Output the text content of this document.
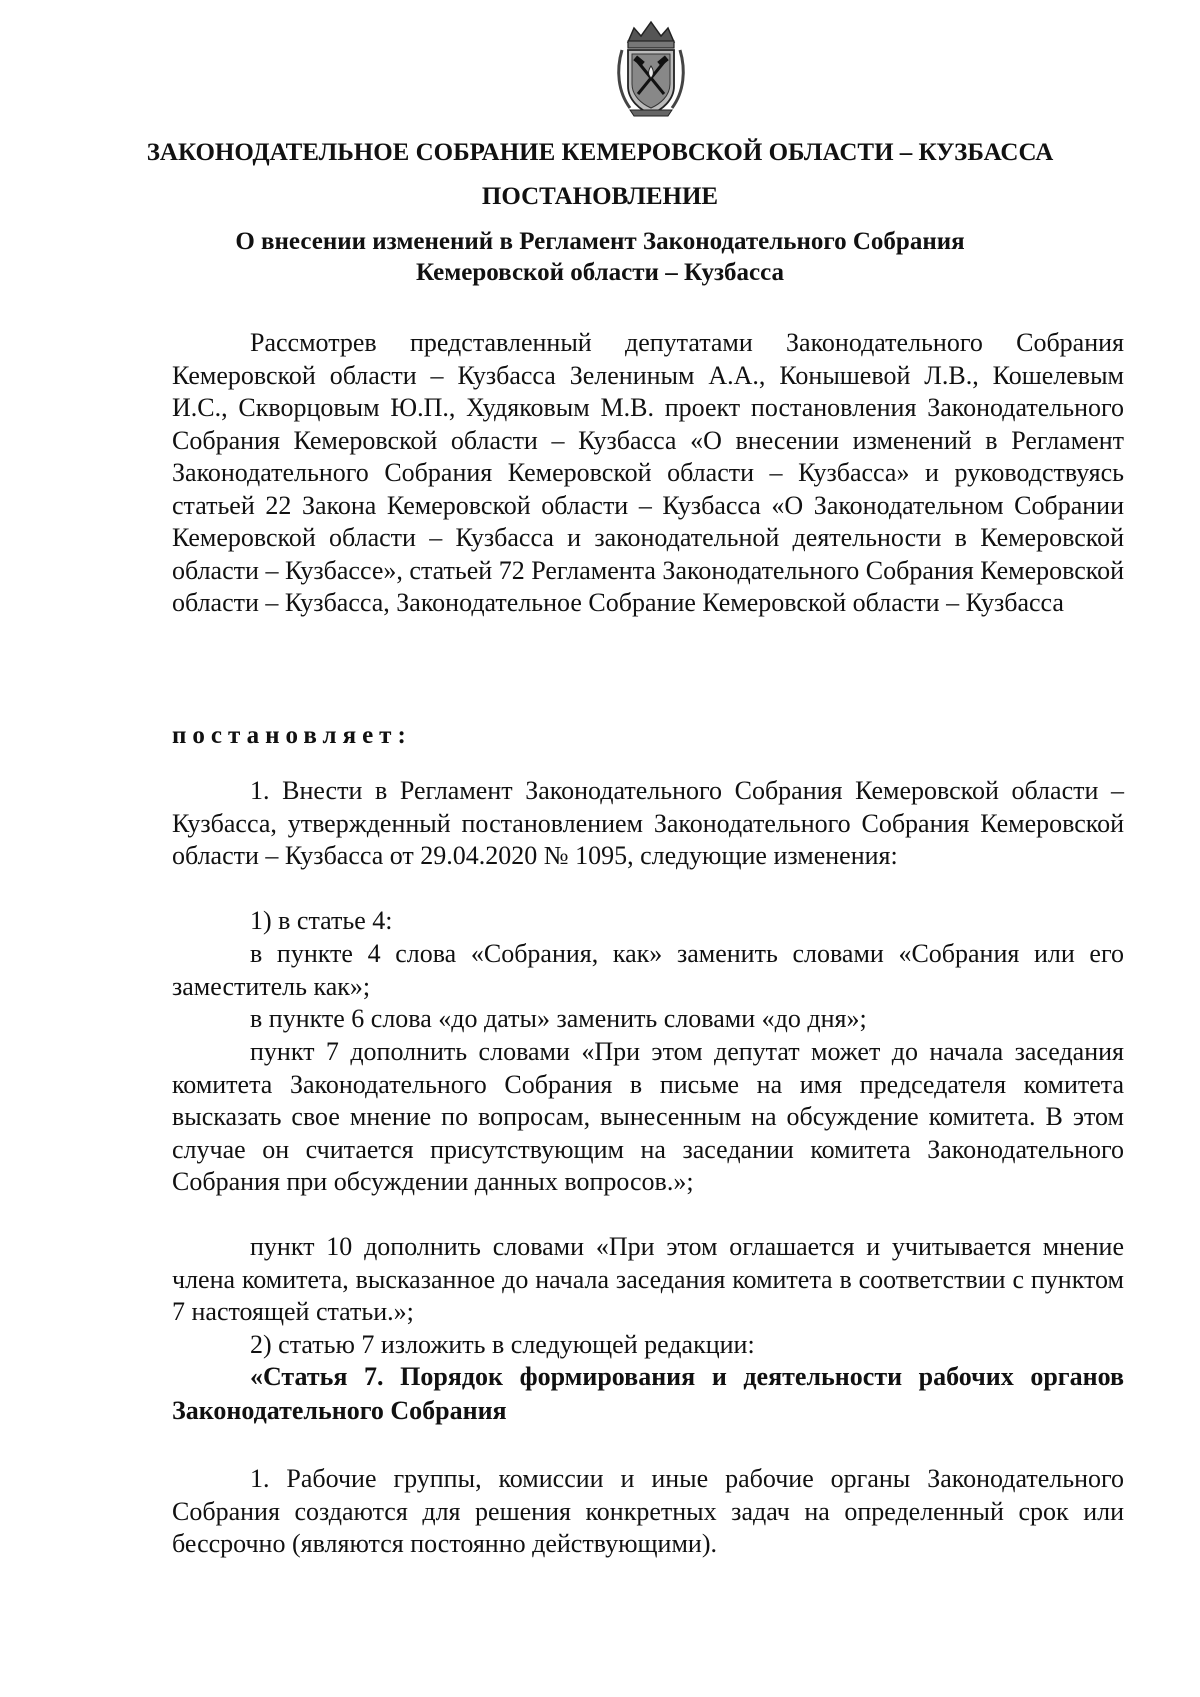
ЗАКОНОДАТЕЛЬНОЕ СОБРАНИЕ КЕМЕРОВСКОЙ ОБЛАСТИ – КУЗБАССА
ПОСТАНОВЛЕНИЕ
О внесении изменений в Регламент Законодательного Собрания
Кемеровской области – Кузбасса

Рассмотрев представленный депутатами Законодательного Собрания Кемеровской области – Кузбасса Зелениным А.А., Конышевой Л.В., Кошелевым И.С., Скворцовым Ю.П., Худяковым М.В. проект постановления Законодательного Собрания Кемеровской области – Кузбасса «О внесении изменений в Регламент Законодательного Собрания Кемеровской области – Кузбасса» и руководствуясь статьей 22 Закона Кемеровской области – Кузбасса «О Законодательном Собрании Кемеровской области – Кузбасса и законодательной деятельности в Кемеровской области – Кузбассе», статьей 72 Регламента Законодательного Собрания Кемеровской области – Кузбасса, Законодательное Собрание Кемеровской области – Кузбасса

постановляет:

1. Внести в Регламент Законодательного Собрания Кемеровской области – Кузбасса, утвержденный постановлением Законодательного Собрания Кемеровской области – Кузбасса от 29.04.2020 № 1095, следующие изменения:

1) в статье 4:

в пункте 4 слова «Собрания, как» заменить словами «Собрания или его заместитель как»;

в пункте 6 слова «до даты» заменить словами «до дня»;

пункт 7 дополнить словами «При этом депутат может до начала заседания комитета Законодательного Собрания в письме на имя председателя комитета высказать свое мнение по вопросам, вынесенным на обсуждение комитета. В этом случае он считается присутствующим на заседании комитета Законодательного Собрания при обсуждении данных вопросов.»;

пункт 10 дополнить словами «При этом оглашается и учитывается мнение члена комитета, высказанное до начала заседания комитета в соответствии с пунктом 7 настоящей статьи.»;

2) статью 7 изложить в следующей редакции:

«Статья 7. Порядок формирования и деятельности рабочих органов Законодательного Собрания

1. Рабочие группы, комиссии и иные рабочие органы Законодательного Собрания создаются для решения конкретных задач на определенный срок или бессрочно (являются постоянно действующими).
